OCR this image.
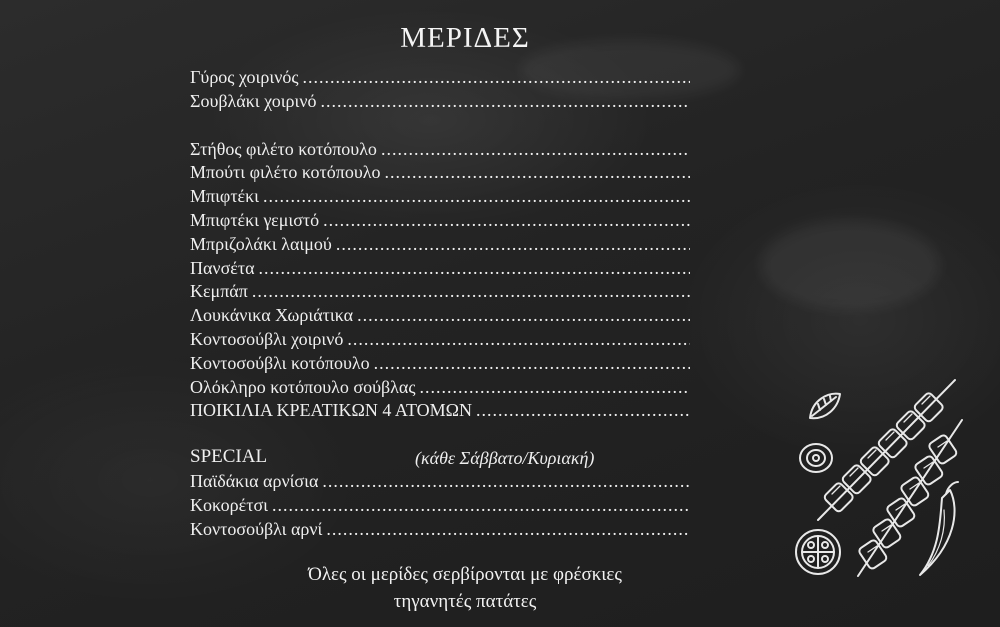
ΜΕΡΙΔΕΣ
Γύρος χοιρινός
.....
Σουβλάκι χοιρινό
.....
Στήθος φιλέτο κοτόπουλο
.....
Μπούτι φιλέτο κοτόπουλο
.....
Μπιφτέκι
.....
Μπιφτέκι γεμιστό
.....
Μπριζολάκι λαιμού
.....
Πανσέτα
.....
Κεμπάπ
.....
Λουκάνικα Χωριάτικα
.....
Κοντοσούβλι χοιρινό
.....
Κοντοσούβλι κοτόπουλο
.....
Ολόκληρο κοτόπουλο σούβλας
.....
ΠΟΙΚΙΛΙΑ ΚΡΕΑΤΙΚΩΝ 4 ΑΤΟΜΩΝ
.....
SPECIAL	(κάθε Σάββατο/Κυριακή)
Παϊδάκια αρνίσια
.....
Κοκορέτσι
.....
Κοντοσούβλι αρνί
.....
Όλες οι μερίδες σερβίρονται με φρέσκιες
τηγανητές πατάτες
